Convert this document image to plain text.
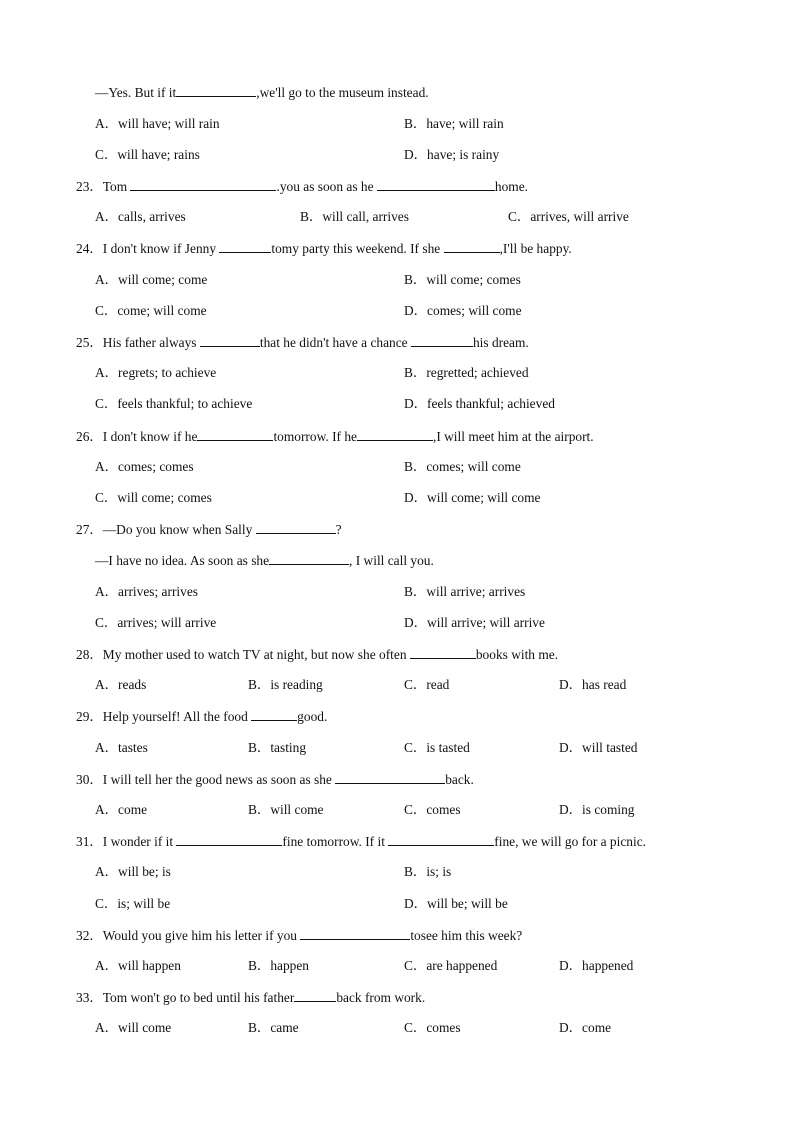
—Yes. But if it	,we'll go to the museum instead.
A．will have; will rain	B．have; will rain
C．will have; rains	D．have; is rainy
23．Tom	.you as soon as he	home.
A．calls, arrives	B．will call, arrives	C．arrives, will arrive
24．I don't know if Jenny	tomy party this weekend. If she	,I'll be happy.
A．will come; come	B．will come; comes
C．come; will come	D．comes; will come
25．His father always	that he didn't have a chance	his dream.
A．regrets; to achieve	B．regretted; achieved
C．feels thankful; to achieve	D．feels thankful; achieved
26．I don't know if he	tomorrow. If he	,I will meet him at the airport.
A．comes; comes	B．comes; will come
C．will come; comes	D．will come; will come
27．—Do you know when Sally	?
—I have no idea. As soon as she	, I will call you.
A．arrives; arrives	B．will arrive; arrives
C．arrives; will arrive	D．will arrive; will arrive
28．My mother used to watch TV at night, but now she often	books with me.
A．reads	B．is reading	C．read	D．has read
29．Help yourself! All the food	good.
A．tastes	B．tasting	C．is tasted	D．will tasted
30．I will tell her the good news as soon as she	back.
A．come	B．will come	C．comes	D．is coming
31．I wonder if it	fine tomorrow. If it	fine, we will go for a picnic.
A．will be; is	B．is; is
C．is; will be	D．will be; will be
32．Would you give him his letter if you	tosee him this week?
A．will happen	B．happen	C．are happened	D．happened
33．Tom won't go to bed until his father	back from work.
A．will come	B．came	C．comes	D．come
